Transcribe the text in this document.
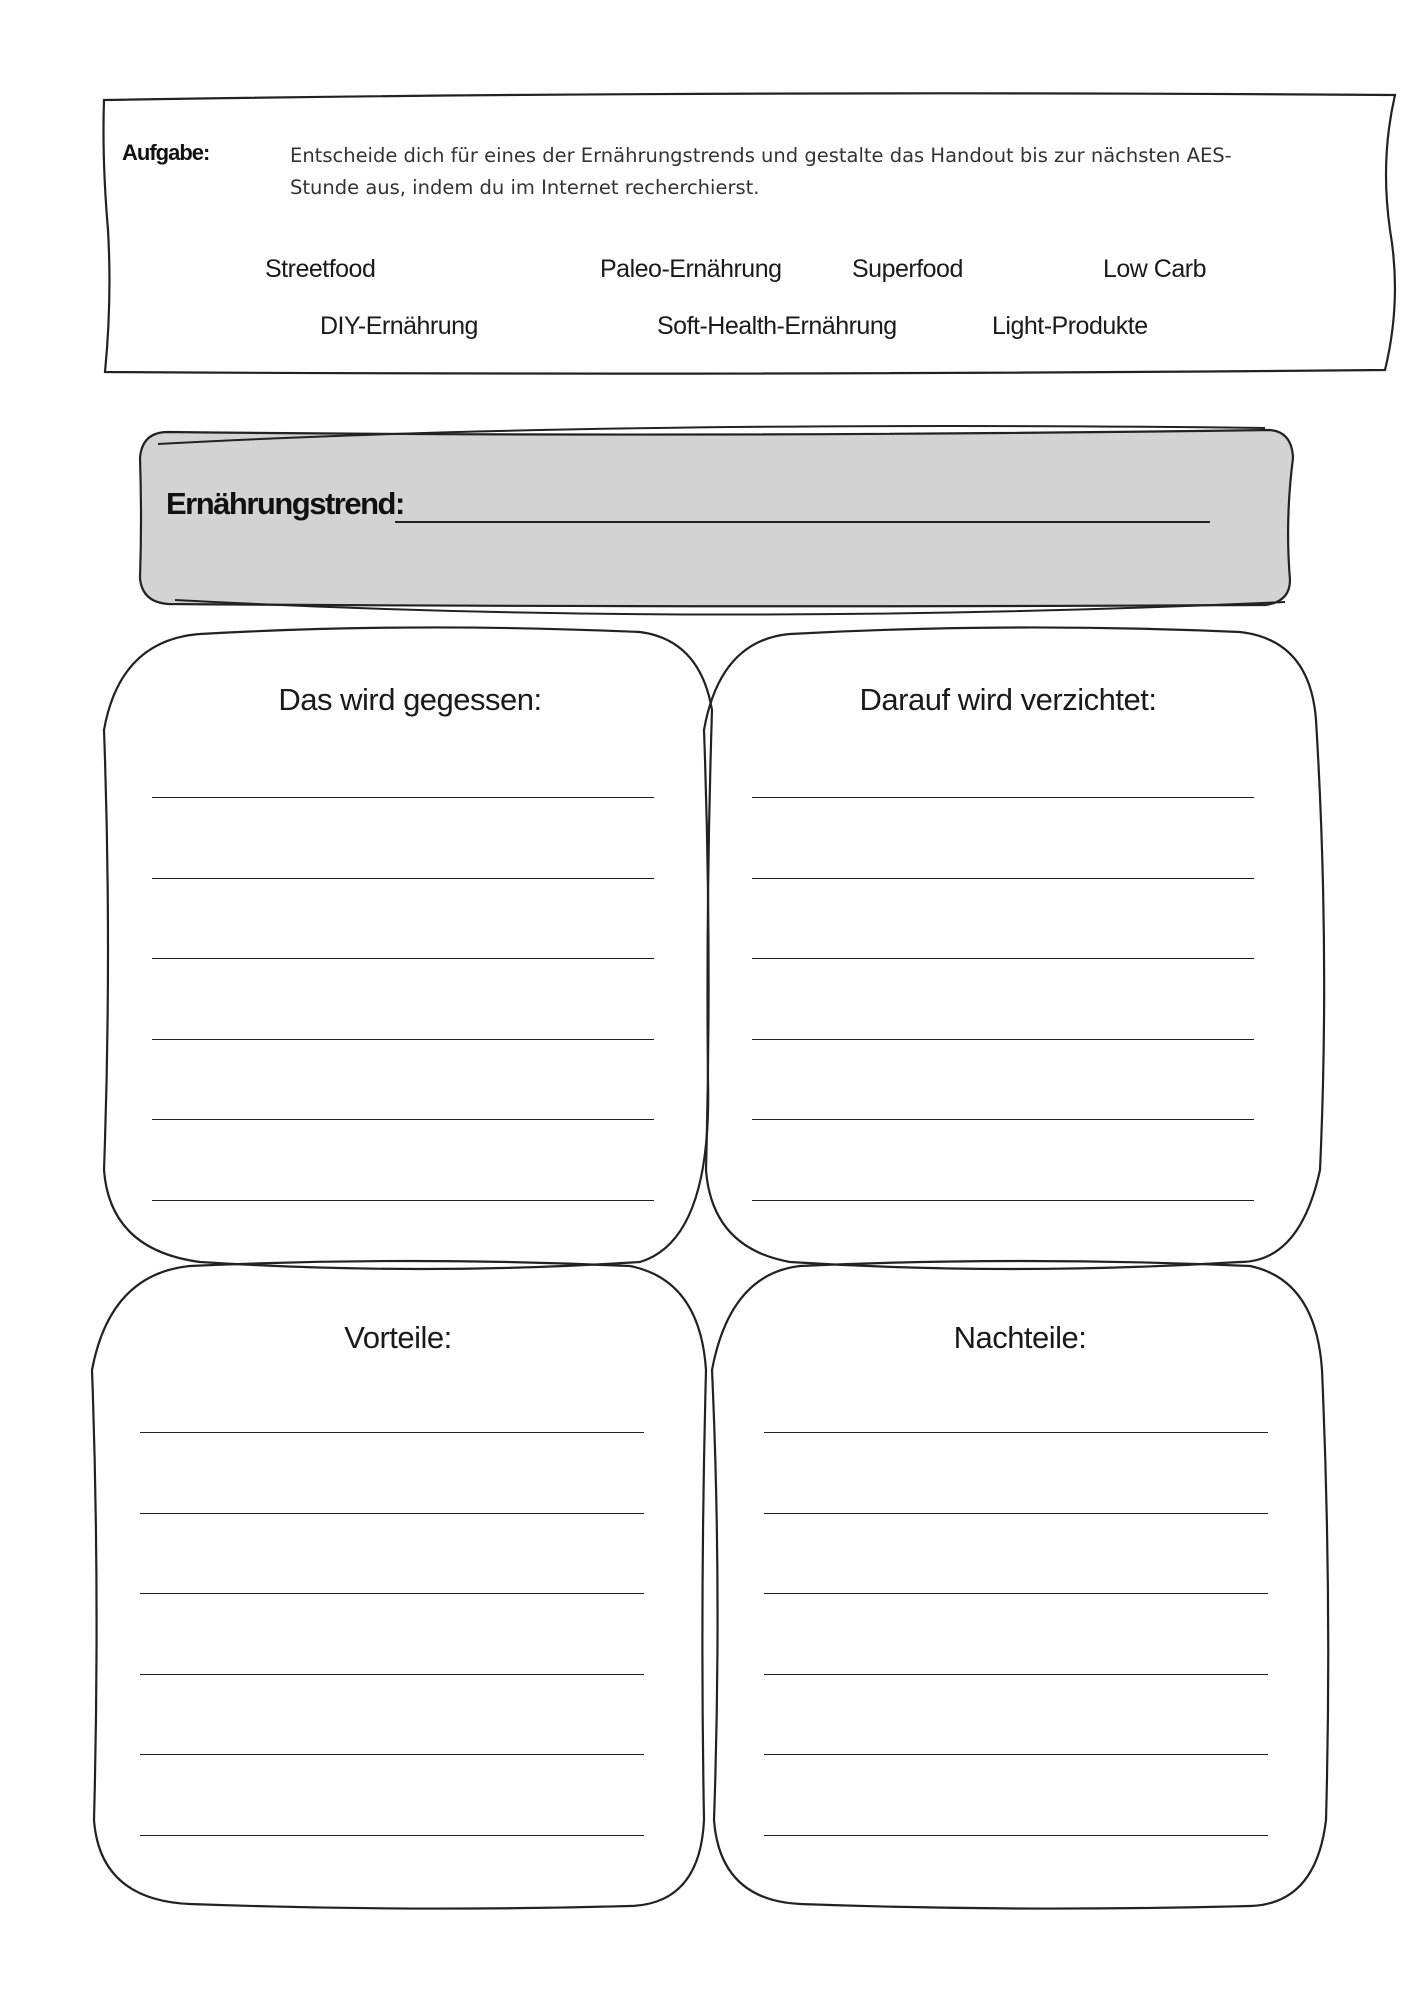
Aufgabe:	Entscheide dich für eines der Ernährungstrends und gestalte das Handout bis zur nächsten AES-Stunde aus, indem du im Internet recherchierst.
Streetfood	Paleo-Ernährung	Superfood	Low Carb
DIY-Ernährung	Soft-Health-Ernährung	Light-Produkte
Ernährungstrend:
Das wird gegessen:	Darauf wird verzichtet:
Vorteile:	Nachteile:
